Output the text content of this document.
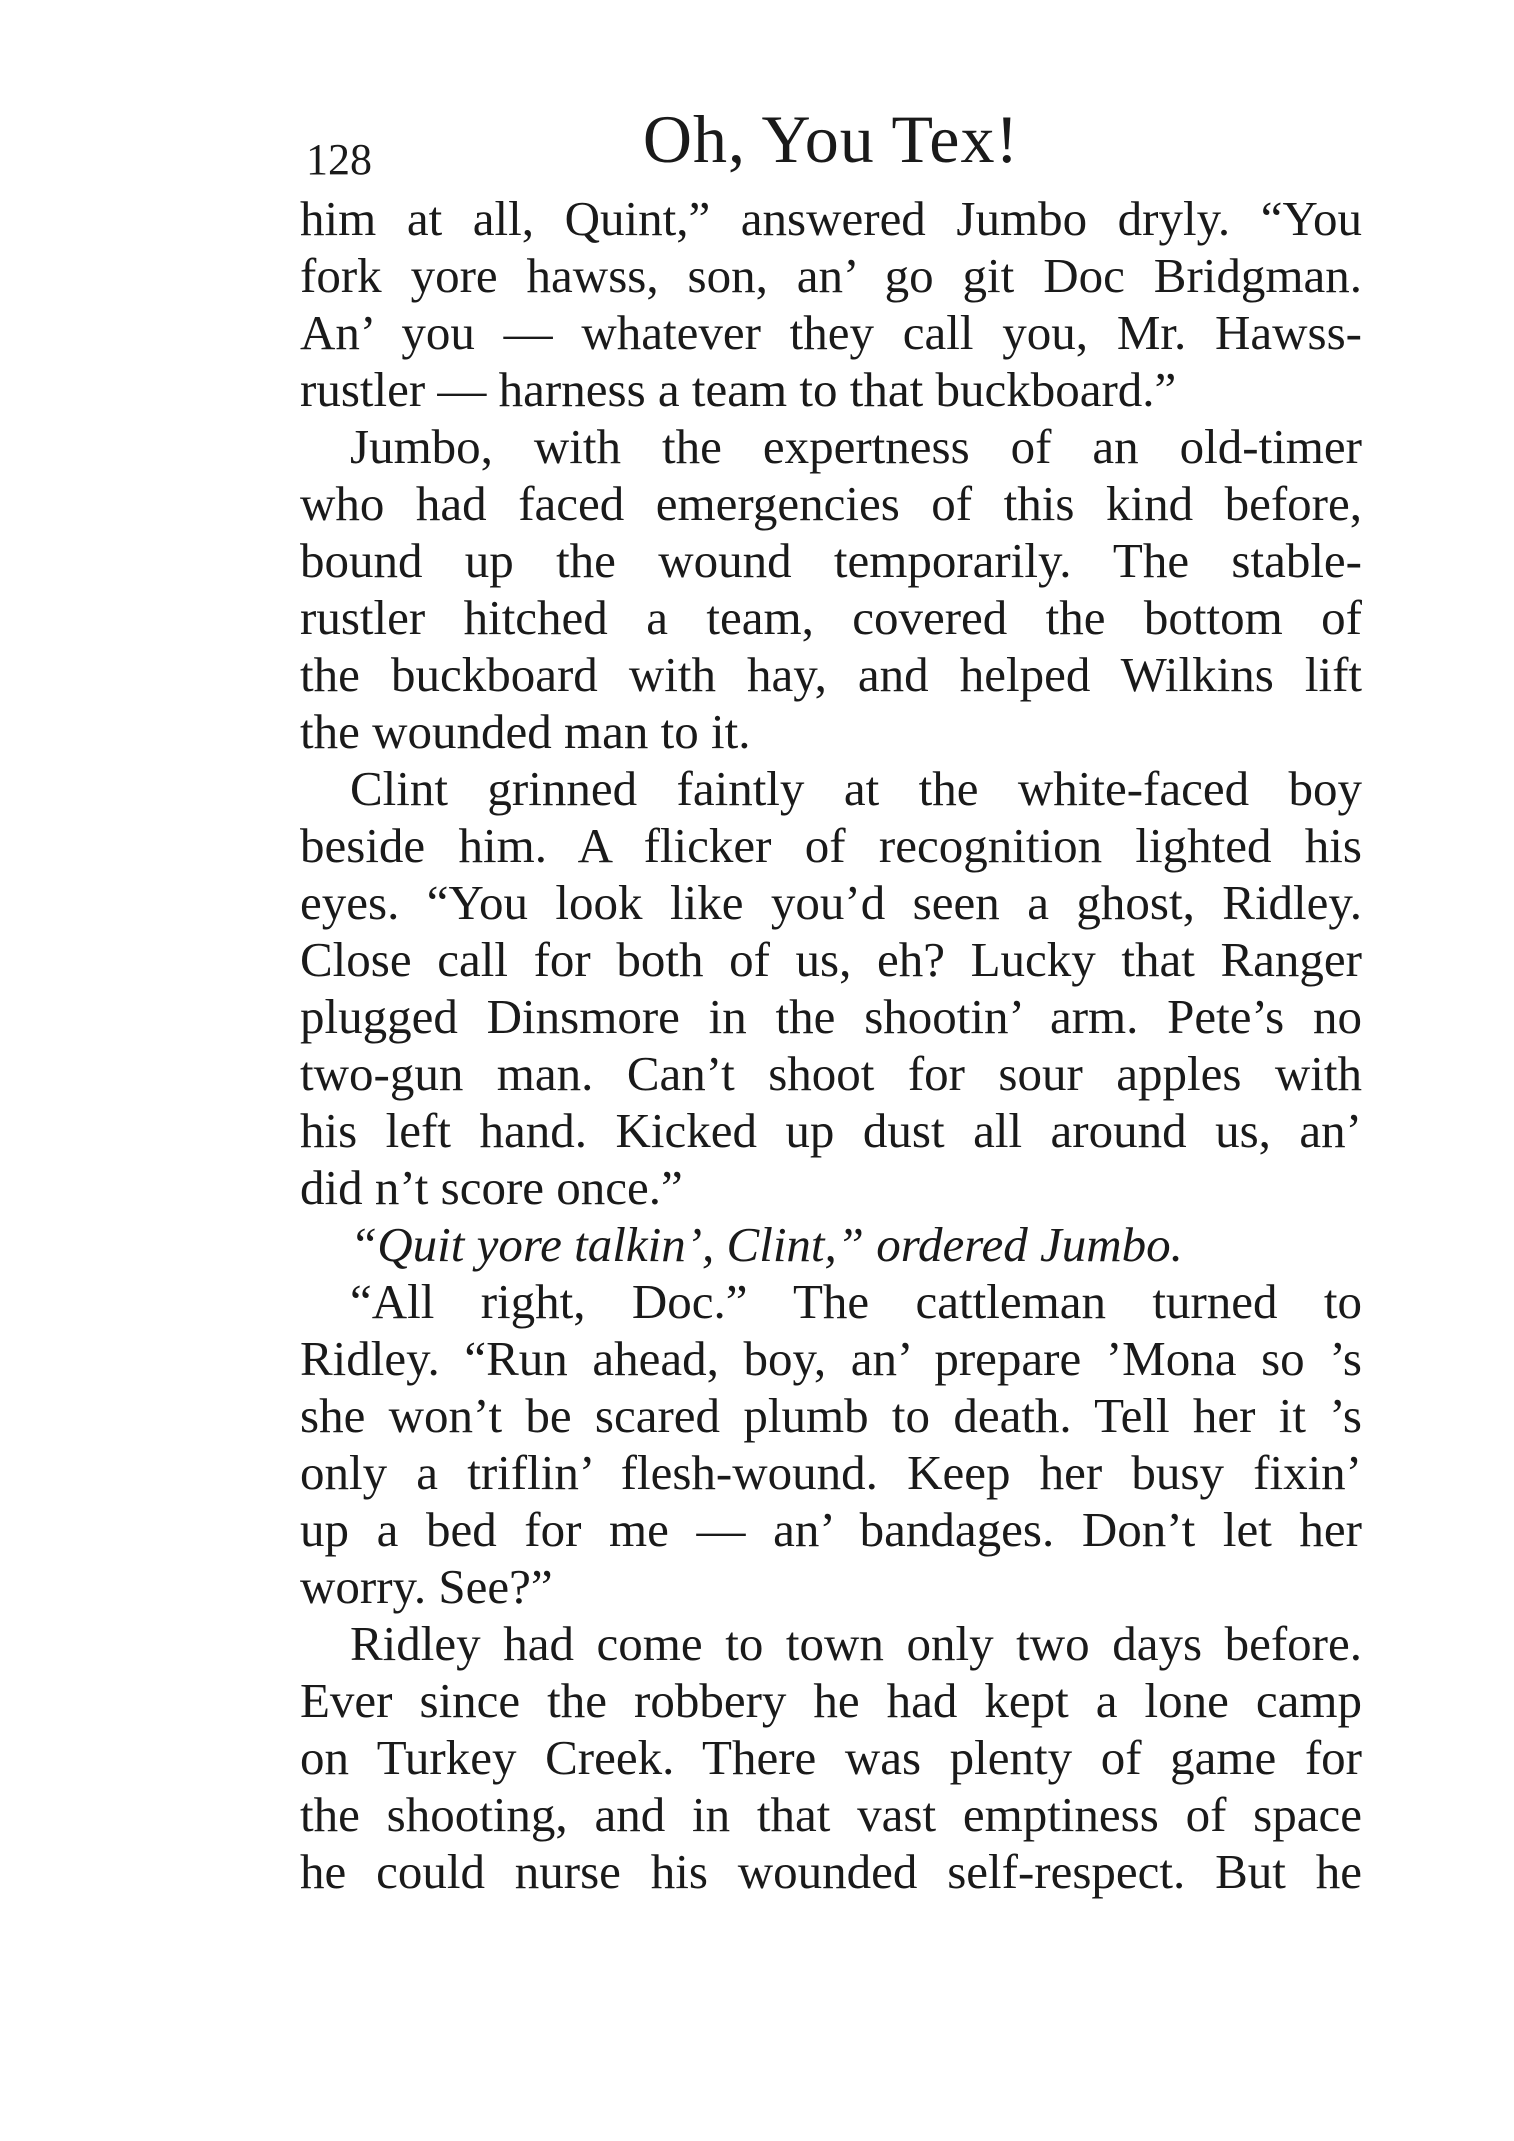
128	Oh, You Tex!

him at all, Quint,” answered Jumbo dryly. “You
fork yore hawss, son, an’ go git Doc Bridgman.
An’ you — whatever they call you, Mr. Hawss-
rustler — harness a team to that buckboard.”

Jumbo, with the expertness of an old-timer
who had faced emergencies of this kind before,
bound up the wound temporarily. The stable-
rustler hitched a team, covered the bottom of
the buckboard with hay, and helped Wilkins lift
the wounded man to it.

Clint grinned faintly at the white-faced boy
beside him. A flicker of recognition lighted his
eyes. “You look like you’d seen a ghost, Ridley.
Close call for both of us, eh? Lucky that Ranger
plugged Dinsmore in the shootin’ arm. Pete’s no
two-gun man. Can’t shoot for sour apples with
his left hand. Kicked up dust all around us, an’
did n’t score once.”

“Quit yore talkin’, Clint,” ordered Jumbo.

“All right, Doc.” The cattleman turned to
Ridley. “Run ahead, boy, an’ prepare ’Mona so ’s
she won’t be scared plumb to death. Tell her it ’s
only a triflin’ flesh-wound. Keep her busy fixin’
up a bed for me — an’ bandages. Don’t let her
worry. See?”

Ridley had come to town only two days before.
Ever since the robbery he had kept a lone camp
on Turkey Creek. There was plenty of game for
the shooting, and in that vast emptiness of space
he could nurse his wounded self-respect. But he
